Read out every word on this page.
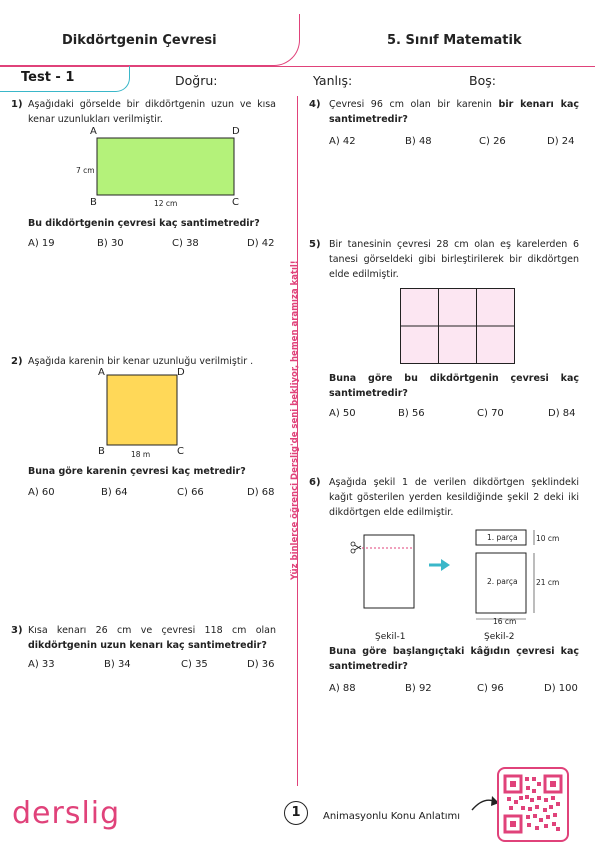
Dikdörtgenin Çevresi	5. Sınıf Matematik
Test - 1	Doğru:	Yanlış:	Boş:
Yüz binlerce öğrenci Derslig'de seni bekliyor, hemen aramıza katıl!
1) Aşağıdaki görselde bir dikdörtgenin uzun ve kısa kenar uzunlukları verilmiştir.
A	D
B	C
7 cm
12 cm
Bu dikdörtgenin çevresi kaç santimetredir?
A) 19	B) 30	C) 38	D) 42
2) Aşağıda karenin bir kenar uzunluğu verilmiştir .
A	D
B	C
18 m
Buna göre karenin çevresi kaç metredir?
A) 60	B) 64	C) 66	D) 68
3) Kısa kenarı 26 cm ve çevresi 118 cm olan dikdörtgenin uzun kenarı kaç santimetredir?
A) 33	B) 34	C) 35	D) 36
4) Çevresi 96 cm olan bir karenin bir kenarı kaç santimetredir?
A) 42	B) 48	C) 26	D) 24
5) Bir tanesinin çevresi 28 cm olan eş karelerden 6 tanesi görseldeki gibi birleştirilerek bir dikdörtgen elde edilmiştir.
Buna göre bu dikdörtgenin çevresi kaç santimetredir?
A) 50	B) 56	C) 70	D) 84
6) Aşağıda şekil 1 de verilen dikdörtgen şeklindeki kağıt gösterilen yerden kesildiğinde şekil 2 deki iki dikdörtgen elde edilmiştir.
1. parça
2. parça
10 cm
21 cm
16 cm
Şekil-1	Şekil-2
Buna göre başlangıçtaki kâğıdın çevresi kaç santimetredir?
A) 88	B) 92	C) 96	D) 100
derslig	1	Animasyonlu Konu Anlatımı
